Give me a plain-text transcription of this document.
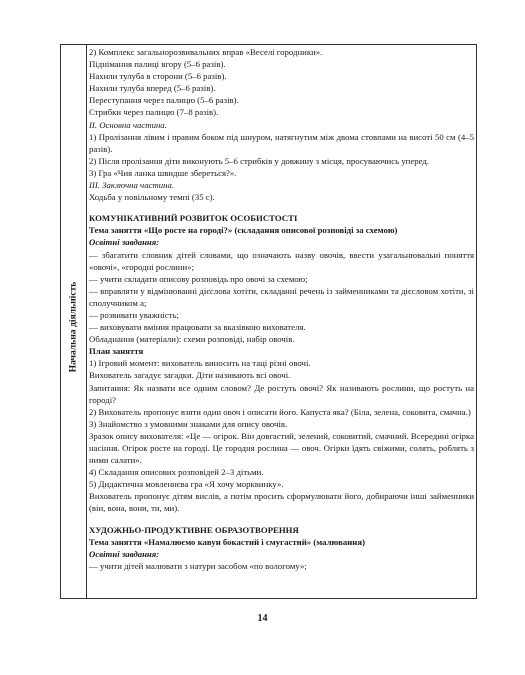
Начальна діяльність
2) Комплекс загальнорозвивальних вправ «Веселі городники».
Піднімання палиці вгору (5–6 разів).
Нахили тулуба в сторони (5–6 разів).
Нахили тулуба вперед (5–6 разів).
Переступання через палицю (5–6 разів).
Стрибки через палицю (7–8 разів).
II. Основна частина.
1) Пролізання лівим і правим боком під шнуром, натягнутим між двома стовпами на висоті 50 см (4–5 разів).
2) Після пролізання діти виконують 5–6 стрибків у довжину з місця, просуваючись уперед.
3) Гра «Чия ланка швидше збереться?».
III. Заключна частина.
Ходьба у повільному темпі (35 с).
КОМУНІКАТИВНИЙ РОЗВИТОК ОСОБИСТОСТІ
Тема заняття «Що росте на городі?» (складання описової розповіді за схемою)
Освітні завдання:
— збагатити словник дітей словами, що означають назву овочів, ввести узагальнювальні поняття «овочі», «городні рослини»;
— учити складати описову розповідь про овочі за схемою;
— вправляти у відмінюванні дієслова хотіти, складанні речень із займенниками та дієсловом хотіти, зі сполучником а;
— розвивати уважність;
— виховувати вміння працювати за вказівкою вихователя.
Обладнання (матеріали): схеми розповіді, набір овочів.
План заняття
1) Ігровий момент: вихователь виносить на таці різні овочі.
Вихователь загадує загадки. Діти називають всі овочі.
Запитання: Як назвати все одним словом? Де ростуть овочі? Як називають рослини, що ростуть на городі?
2) Вихователь пропонує взяти один овоч і описати його. Капуста яка? (Біла, зелена, соковита, смачна.)
3) Знайомство з умовними знаками для опису овочів.
Зразок опису вихователя: «Це — огірок. Він довгастий, зелений, соковитий, смачний. Всередині огірка насіння. Огірок росте на городі. Це городня рослина — овоч. Огірки їдять свіжими, солять, роблять з ними салати».
4) Складання описових розповідей 2–3 дітьми.
5) Дидактична мовленнєва гра «Я хочу морквинку».
Вихователь пропонує дітям вислів, а потім просить сформулювати його, добираючи інші займенники (він, вона, вони, ти, ми).
ХУДОЖНЬО-ПРОДУКТИВНЕ ОБРАЗОТВОРЕННЯ
Тема заняття «Намалюємо кавун бокастий і смугастий» (малювання)
Освітні завдання:
— учити дітей малювати з натури засобом «по вологому»;
14
